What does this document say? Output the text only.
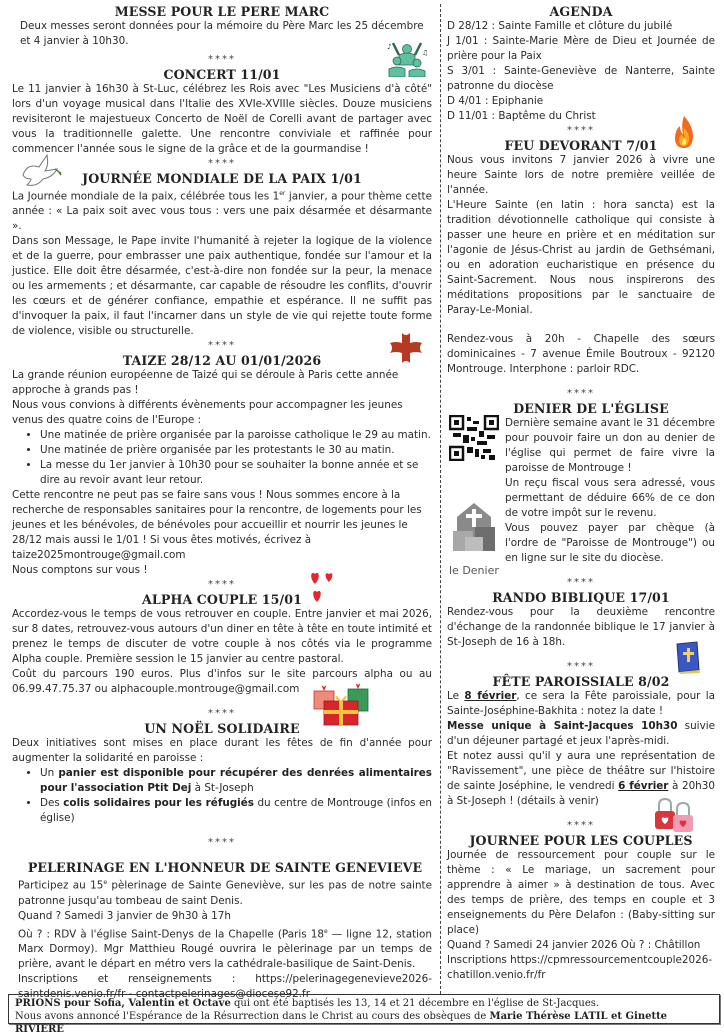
MESSE POUR LE PERE MARC

Deux messes seront données pour la mémoire du Père Marc les 25 décembre et 4 janvier à 10h30.

****
♪
♫
CONCERT 11/01

Le 11 janvier à 16h30 à St-Luc, célébrez les Rois avec "Les Musiciens d'à côté" lors d'un voyage musical dans l'Italie des XVIe-XVIIIe siècles. Douze musiciens revisiteront le majestueux Concerto de Noël de Corelli avant de partager avec vous la traditionnelle galette. Une rencontre conviviale et raffinée pour commencer l'année sous le signe de la grâce et de la gourmandise !

****
JOURNÉE MONDIALE DE LA PAIX 1/01

La Journée mondiale de la paix, célébrée tous les 1er janvier, a pour thème cette année : « La paix soit avec vous tous : vers une paix désarmée et désarmante ».

Dans son Message, le Pape invite l'humanité à rejeter la logique de la violence et de la guerre, pour embrasser une paix authentique, fondée sur l'amour et la justice. Elle doit être désarmée, c'est-à-dire non fondée sur la peur, la menace ou les armements ; et désarmante, car capable de résoudre les conflits, d'ouvrir les cœurs et de générer confiance, empathie et espérance. Il ne suffit pas d'invoquer la paix, il faut l'incarner dans un style de vie qui rejette toute forme de violence, visible ou structurelle.

****
TAIZE 28/12 AU 01/01/2026

La grande réunion européenne de Taizé qui se déroule à Paris cette année approche à grands pas !

Nous vous convions à différents évènements pour accompagner les jeunes venus des quatre coins de l'Europe :

• Une matinée de prière organisée par la paroisse catholique le 29 au matin.
• Une matinée de prière organisée par les protestants le 30 au matin.
• La messe du 1er janvier à 10h30 pour se souhaiter la bonne année et se dire au revoir avant leur retour.

Cette rencontre ne peut pas se faire sans vous ! Nous sommes encore à la recherche de responsables sanitaires pour la rencontre, de logements pour les jeunes et les bénévoles, de bénévoles pour accueillir et nourrir les jeunes le 28/12 mais aussi le 1/01 ! Si vous êtes motivés, écrivez à taize2025montrouge@gmail.com

Nous comptons sur vous !

****
ALPHA COUPLE 15/01

Accordez-vous le temps de vous retrouver en couple. Entre janvier et mai 2026, sur 8 dates, retrouvez-vous autours d'un diner en tête à tête en toute intimité et prenez le temps de discuter de votre couple à nos côtés via le programme Alpha couple. Première session le 15 janvier au centre pastoral.

Coût du parcours 190 euros. Plus d'infos sur le site parcours alpha ou au 06.99.47.75.37 ou alphacouple.montrouge@gmail.com

****
UN NOËL SOLIDAIRE

Deux initiatives sont mises en place durant les fêtes de fin d'année pour augmenter la solidarité en paroisse :

• Un panier est disponible pour récupérer des denrées alimentaires pour l'association Ptit Dej à St-Joseph
• Des colis solidaires pour les réfugiés du centre de Montrouge (infos en église)
****
PELERINAGE EN L'HONNEUR DE SAINTE GENEVIEVE

Participez au 15e pèlerinage de Sainte Geneviève, sur les pas de notre sainte patronne jusqu'au tombeau de saint Denis.

Quand ? Samedi 3 janvier de 9h30 à 17h

Où ? : RDV à l'église Saint-Denys de la Chapelle (Paris 18e — ligne 12, station Marx Dormoy). Mgr Matthieu Rougé ouvrira le pèlerinage par un temps de prière, avant le départ en métro vers la cathédrale-basilique de Saint-Denis.

Inscriptions et renseignements : https://pelerinagegenevieve2026-saintdenis.venio.fr/fr - contactpelerinages@diocese92.fr

AGENDA

D 28/12 : Sainte Famille et clôture du jubilé

J 1/01 : Sainte-Marie Mère de Dieu et Journée de prière pour la Paix

S 3/01 : Sainte-Geneviève de Nanterre, Sainte patronne du diocèse

D 4/01 : Epiphanie

D 11/01 : Baptême du Christ

****
FEU DEVORANT 7/01

Nous vous invitons 7 janvier 2026 à vivre une heure Sainte lors de notre première veillée de l'année.

L'Heure Sainte (en latin : hora sancta) est la tradition dévotionnelle catholique qui consiste à passer une heure en prière et en méditation sur l'agonie de Jésus-Christ au jardin de Gethsémani, ou en adoration eucharistique en présence du Saint-Sacrement. Nous nous inspirerons des méditations propositions par le sanctuaire de Paray-Le-Monial.

Rendez-vous à 20h - Chapelle des sœurs dominicaines - 7 avenue Émile Boutroux - 92120 Montrouge. Interphone : parloir RDC.

****
DENIER DE L'ÉGLISE
le Denier

Dernière semaine avant le 31 décembre pour pouvoir faire un don au denier de l'église qui permet de faire vivre la paroisse de Montrouge !

Un reçu fiscal vous sera adressé, vous permettant de déduire 66% de ce don de votre impôt sur le revenu.

Vous pouvez payer par chèque (à l'ordre de "Paroisse de Montrouge") ou en ligne sur le site du diocèse.

****
RANDO BIBLIQUE 17/01

Rendez-vous pour la deuxième rencontre d'échange de la randonnée biblique le 17 janvier à St-Joseph de 16 à 18h.

****
FÊTE PAROISSIALE 8/02

Le 8 février, ce sera la Fête paroissiale, pour la Sainte-Joséphine-Bakhita : notez la date !

Messe unique à Saint-Jacques 10h30 suivie d'un déjeuner partagé et jeux l'après-midi.

Et notez aussi qu'il y aura une représentation de "Ravissement", une pièce de théâtre sur l'histoire de sainte Joséphine, le vendredi 6 février à 20h30 à St-Joseph ! (détails à venir)

****
JOURNEE POUR LES COUPLES

Journée de ressourcement pour couple sur le thème : « Le mariage, un sacrement pour apprendre à aimer » à destination de tous. Avec des temps de prière, des temps en couple et 3 enseignements du Père Delafon : (Baby-sitting sur place)

Quand ? Samedi 24 janvier 2026 Où ? : Châtillon

Inscriptions https://cpmressourcementcouple2026-chatillon.venio.fr/fr

PRIONS pour Sofia, Valentin et Octave qui ont été baptisés les 13, 14 et 21 décembre en l'église de St-Jacques.
Nous avons annoncé l'Espérance de la Résurrection dans le Christ au cours des obsèques de Marie Thérèse LATIL et Ginette RIVIERE
